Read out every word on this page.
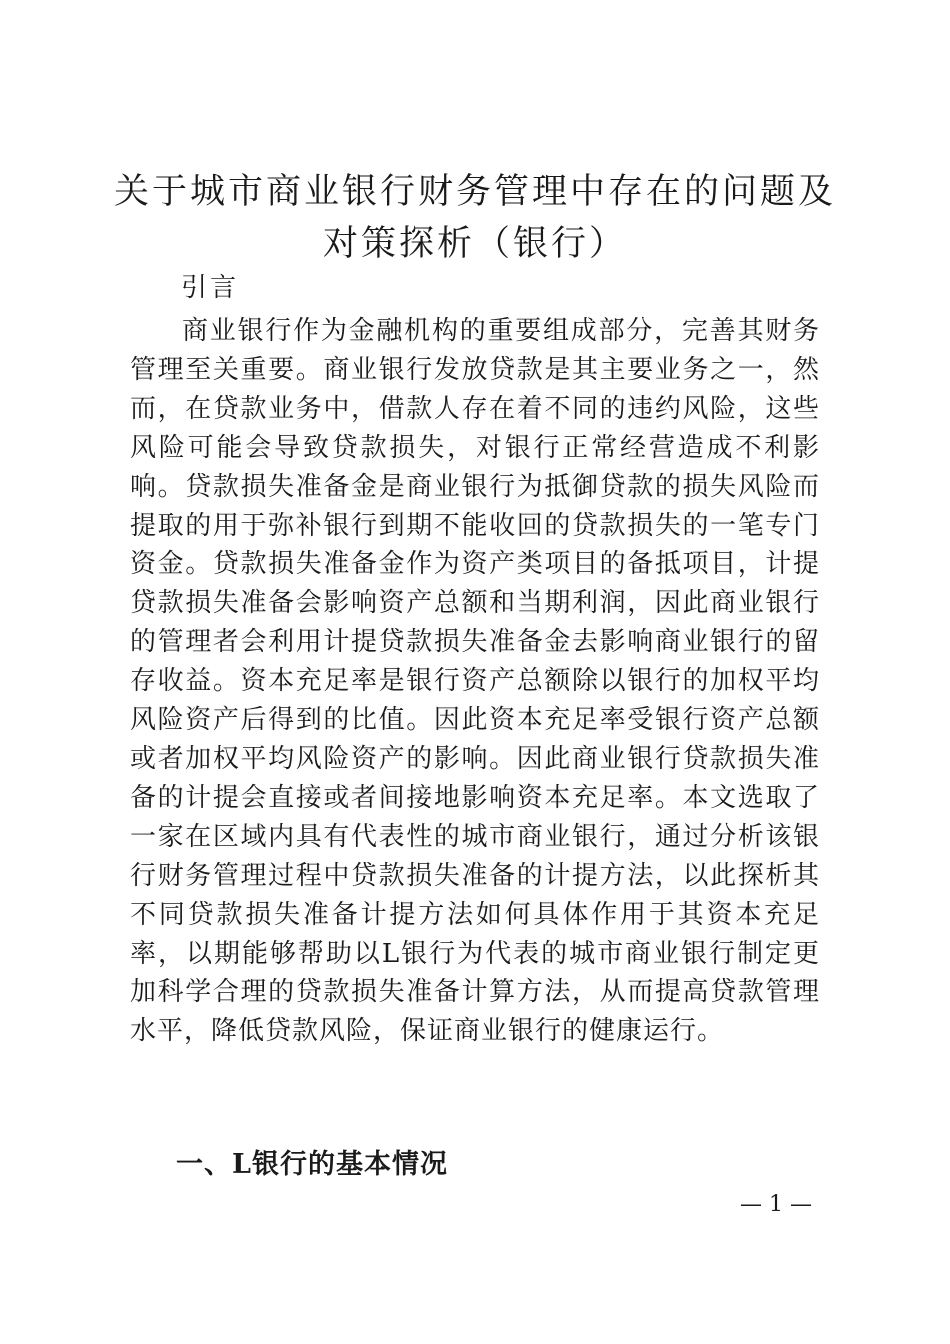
关于城市商业银行财务管理中存在的问题及对策探析（银行）

引言

商业银行作为金融机构的重要组成部分，完善其财务管理至关重要。商业银行发放贷款是其主要业务之一，然而，在贷款业务中，借款人存在着不同的违约风险，这些风险可能会导致贷款损失，对银行正常经营造成不利影响。贷款损失准备金是商业银行为抵御贷款的损失风险而提取的用于弥补银行到期不能收回的贷款损失的一笔专门资金。贷款损失准备金作为资产类项目的备抵项目，计提贷款损失准备会影响资产总额和当期利润，因此商业银行的管理者会利用计提贷款损失准备金去影响商业银行的留存收益。资本充足率是银行资产总额除以银行的加权平均风险资产后得到的比值。因此资本充足率受银行资产总额或者加权平均风险资产的影响。因此商业银行贷款损失准备的计提会直接或者间接地影响资本充足率。本文选取了一家在区域内具有代表性的城市商业银行，通过分析该银行财务管理过程中贷款损失准备的计提方法，以此探析其不同贷款损失准备计提方法如何具体作用于其资本充足率，以期能够帮助以L银行为代表的城市商业银行制定更加科学合理的贷款损失准备计算方法，从而提高贷款管理水平，降低贷款风险，保证商业银行的健康运行。

一、L银行的基本情况

— 1 —
